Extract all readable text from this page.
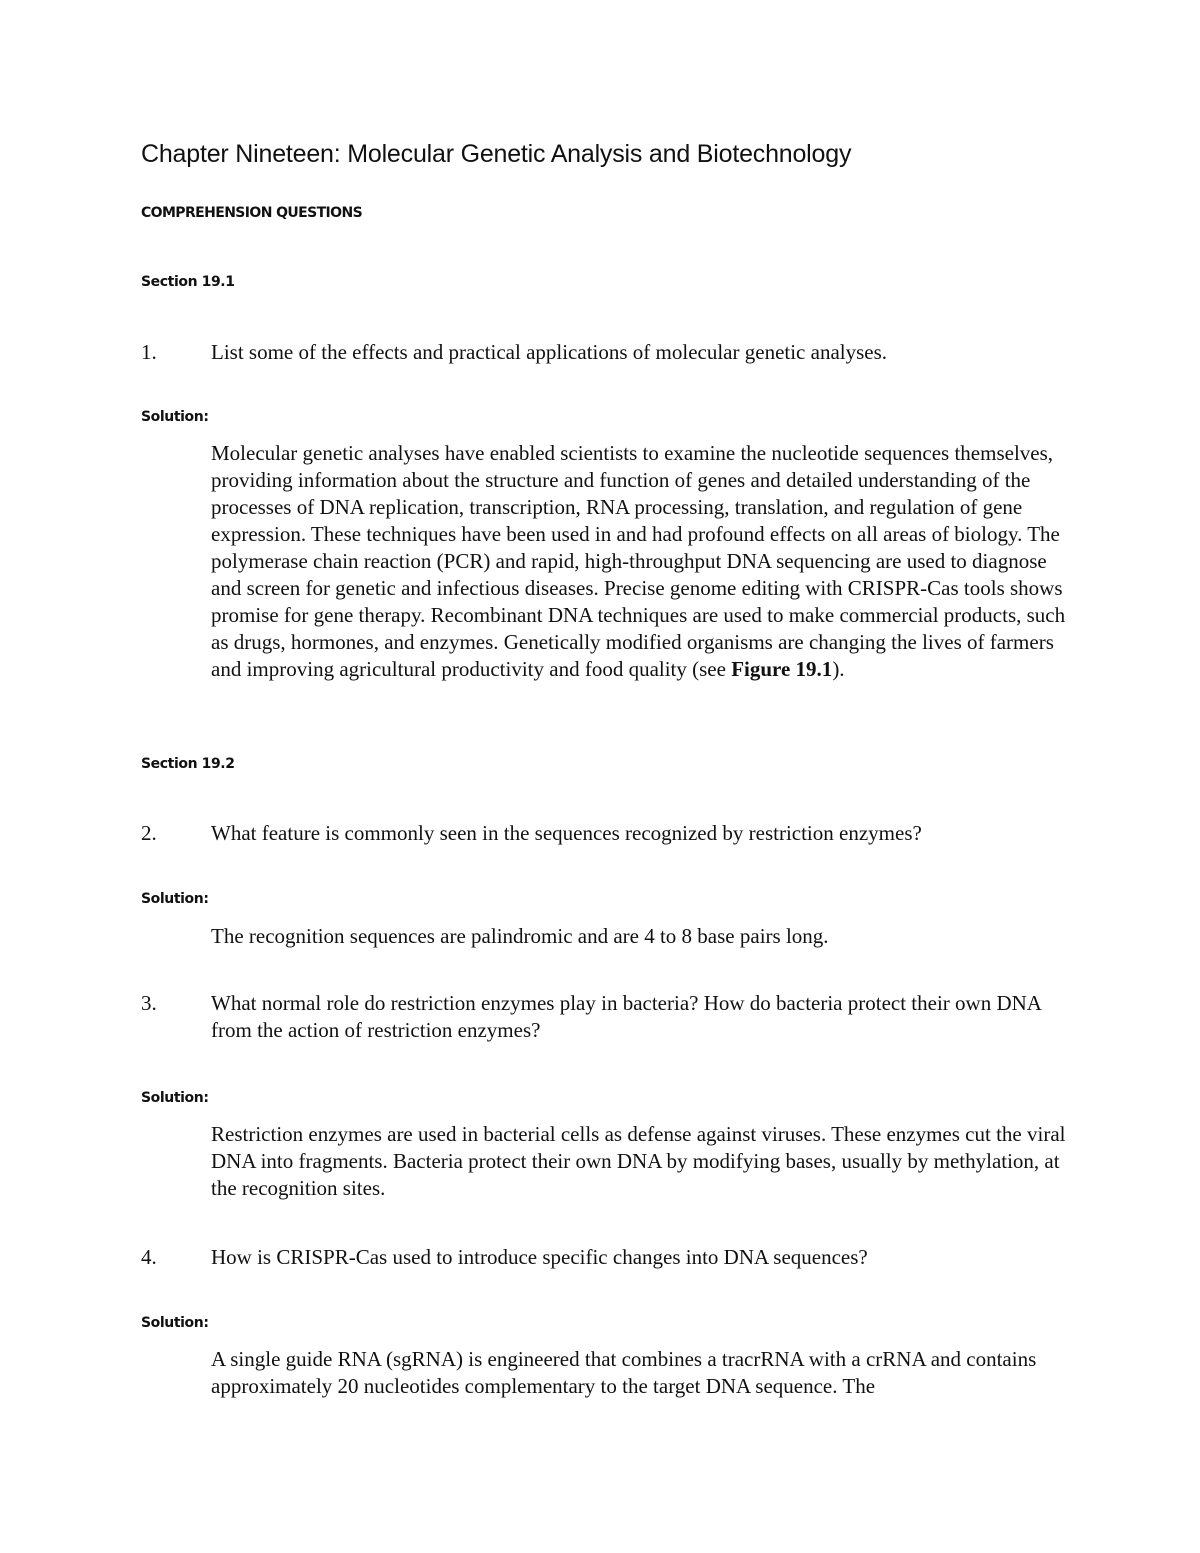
Chapter Nineteen: Molecular Genetic Analysis and Biotechnology
COMPREHENSION QUESTIONS
Section 19.1
1.	List some of the effects and practical applications of molecular genetic analyses.
Solution:
Molecular genetic analyses have enabled scientists to examine the nucleotide sequences themselves, providing information about the structure and function of genes and detailed understanding of the processes of DNA replication, transcription, RNA processing, translation, and regulation of gene expression. These techniques have been used in and had profound effects on all areas of biology. The polymerase chain reaction (PCR) and rapid, high-throughput DNA sequencing are used to diagnose and screen for genetic and infectious diseases. Precise genome editing with CRISPR-Cas tools shows promise for gene therapy. Recombinant DNA techniques are used to make commercial products, such as drugs, hormones, and enzymes. Genetically modified organisms are changing the lives of farmers and improving agricultural productivity and food quality (see Figure 19.1).
Section 19.2
2.	What feature is commonly seen in the sequences recognized by restriction enzymes?
Solution:
The recognition sequences are palindromic and are 4 to 8 base pairs long.
3.	What normal role do restriction enzymes play in bacteria? How do bacteria protect their own DNA from the action of restriction enzymes?
Solution:
Restriction enzymes are used in bacterial cells as defense against viruses. These enzymes cut the viral DNA into fragments. Bacteria protect their own DNA by modifying bases, usually by methylation, at the recognition sites.
4.	How is CRISPR-Cas used to introduce specific changes into DNA sequences?
Solution:
A single guide RNA (sgRNA) is engineered that combines a tracrRNA with a crRNA and contains approximately 20 nucleotides complementary to the target DNA sequence. The
